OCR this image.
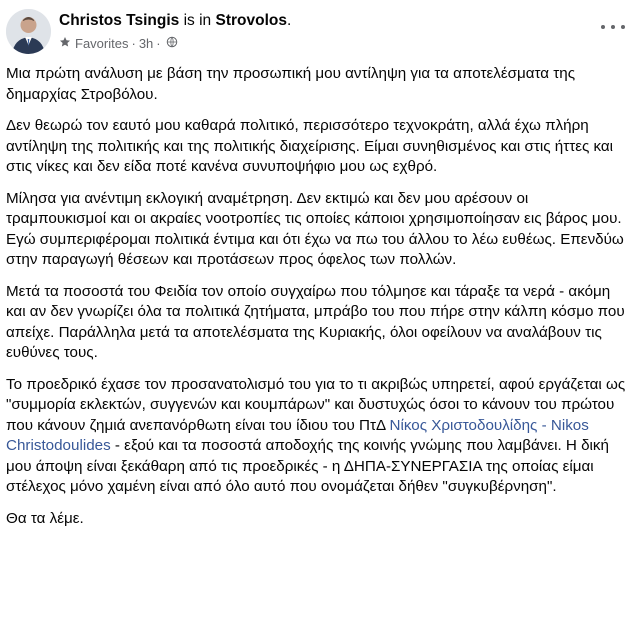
Christos Tsingis is in Strovolos.
Favorites · 3h ·

Μια πρώτη ανάλυση με βάση την προσωπική μου αντίληψη για τα αποτελέσματα της δημαρχίας Στροβόλου.

Δεν θεωρώ τον εαυτό μου καθαρά πολιτικό, περισσότερο τεχνοκράτη, αλλά έχω πλήρη αντίληψη της πολιτικής και της πολιτικής διαχείρισης. Είμαι συνηθισμένος και στις ήττες και στις νίκες και δεν είδα ποτέ κανένα συνυποψήφιο μου ως εχθρό.

Μίλησα για ανέντιμη εκλογική αναμέτρηση. Δεν εκτιμώ και δεν μου αρέσουν οι τραμπουκισμοί και οι ακραίες νοοτροπίες τις οποίες κάποιοι χρησιμοποίησαν εις βάρος μου. Εγώ συμπεριφέρομαι πολιτικά έντιμα και ότι έχω να πω του άλλου το λέω ευθέως. Επενδύω στην παραγωγή θέσεων και προτάσεων προς όφελος των πολλών.

Μετά τα ποσοστά του Φειδία τον οποίο συγχαίρω που τόλμησε και τάραξε τα νερά - ακόμη και αν δεν γνωρίζει όλα τα πολιτικά ζητήματα, μπράβο του που πήρε στην κάλπη κόσμο που απείχε. Παράλληλα μετά τα αποτελέσματα της Κυριακής, όλοι οφείλουν να αναλάβουν τις ευθύνες τους.

Το προεδρικό έχασε τον προσανατολισμό του για το τι ακριβώς υπηρετεί, αφού εργάζεται ως "συμμορία εκλεκτών, συγγενών και κουμπάρων" και δυστυχώς όσοι το κάνουν του πρώτου που κάνουν ζημιά ανεπανόρθωτη είναι του ίδιου του ΠτΔ Νίκος Χριστοδουλίδης - Nikos Christodoulides - εξού και τα ποσοστά αποδοχής της κοινής γνώμης που λαμβάνει. Η δική μου άποψη είναι ξεκάθαρη από τις προεδρικές - η ΔΗΠΑ-ΣΥΝΕΡΓΑΣΙΑ της οποίας είμαι στέλεχος μόνο χαμένη είναι από όλο αυτό που ονομάζεται δήθεν "συγκυβέρνηση".

Θα τα λέμε.
